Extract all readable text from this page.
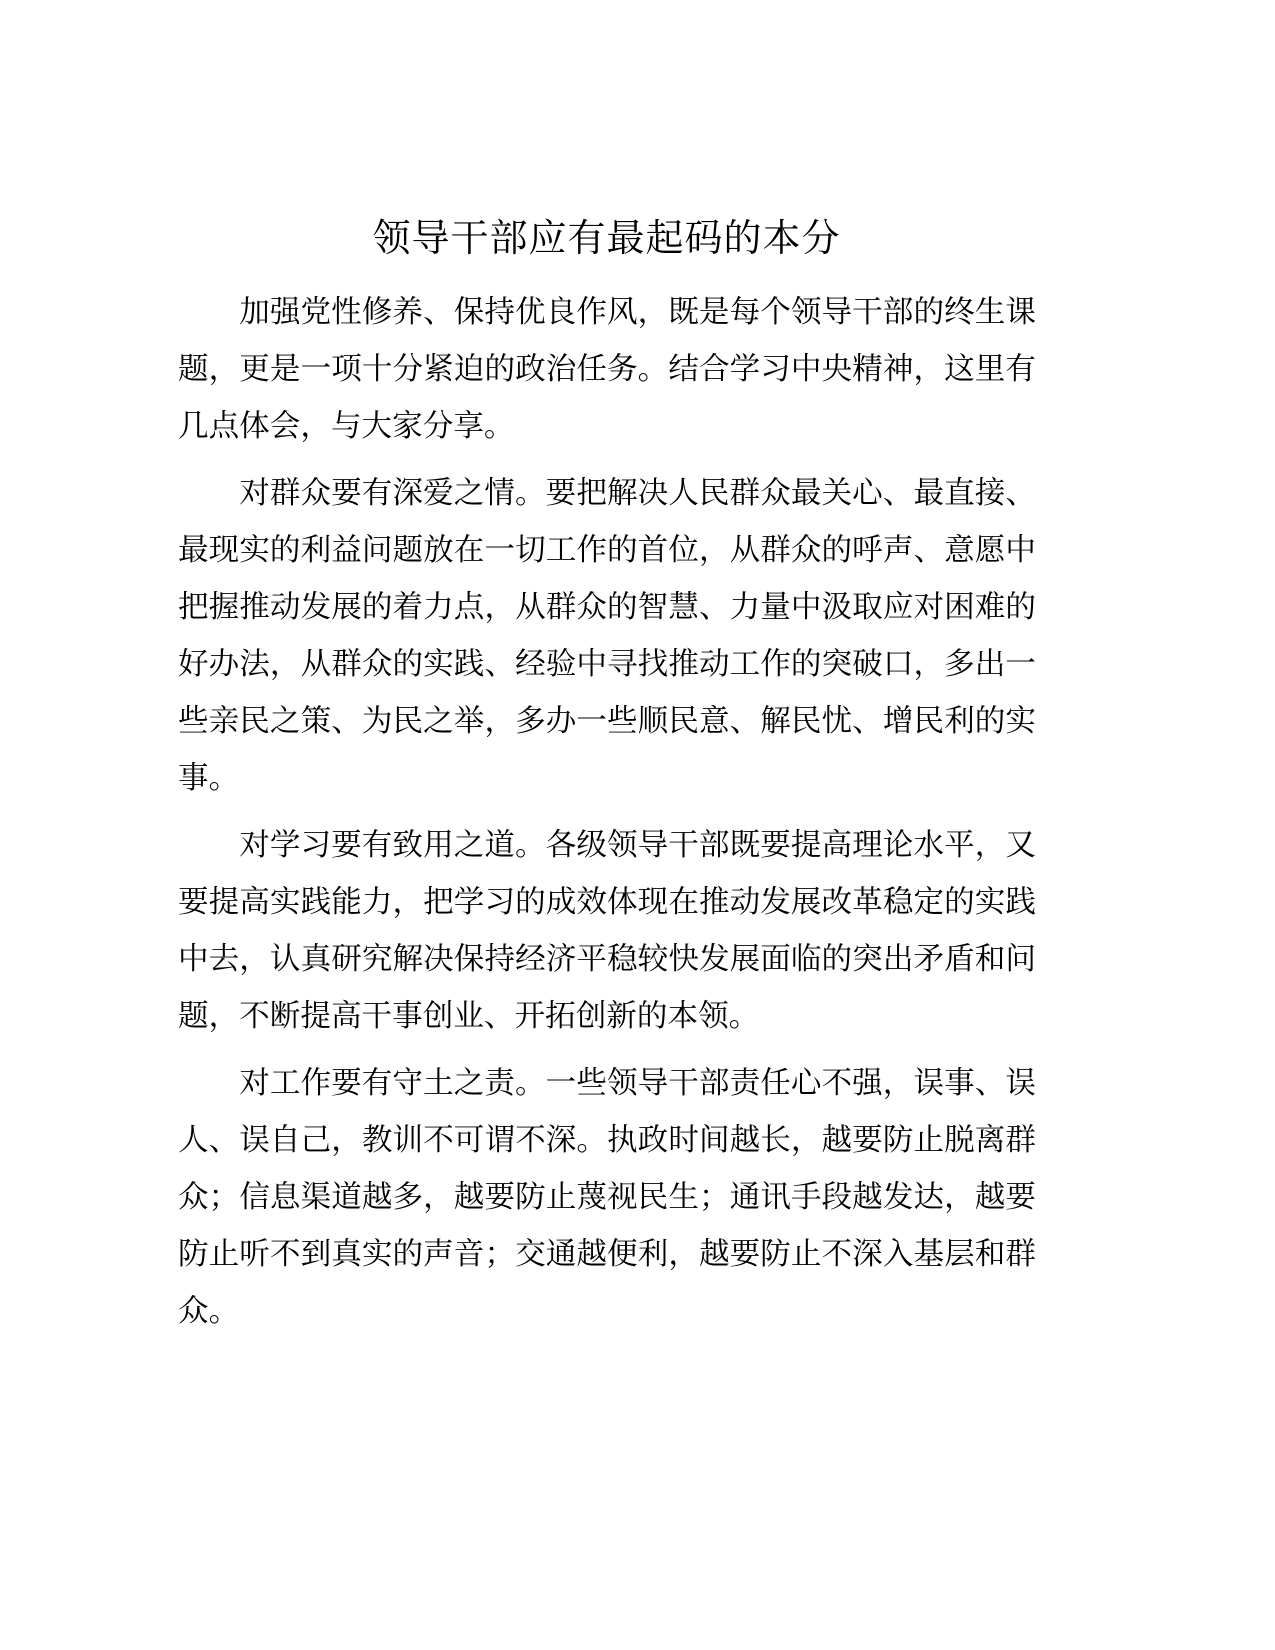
领导干部应有最起码的本分

加强党性修养、保持优良作风，既是每个领导干部的终生课题，更是一项十分紧迫的政治任务。结合学习中央精神，这里有几点体会，与大家分享。

对群众要有深爱之情。要把解决人民群众最关心、最直接、最现实的利益问题放在一切工作的首位，从群众的呼声、意愿中把握推动发展的着力点，从群众的智慧、力量中汲取应对困难的好办法，从群众的实践、经验中寻找推动工作的突破口，多出一些亲民之策、为民之举，多办一些顺民意、解民忧、增民利的实事。

对学习要有致用之道。各级领导干部既要提高理论水平，又要提高实践能力，把学习的成效体现在推动发展改革稳定的实践中去，认真研究解决保持经济平稳较快发展面临的突出矛盾和问题，不断提高干事创业、开拓创新的本领。

对工作要有守土之责。一些领导干部责任心不强，误事、误人、误自己，教训不可谓不深。执政时间越长，越要防止脱离群众；信息渠道越多，越要防止蔑视民生；通讯手段越发达，越要防止听不到真实的声音；交通越便利，越要防止不深入基层和群众。
